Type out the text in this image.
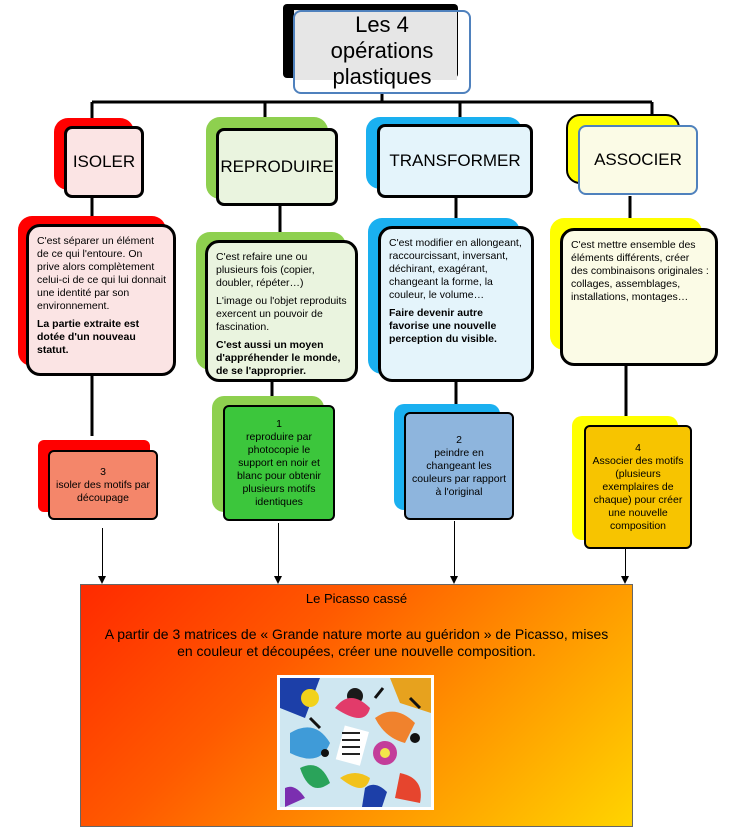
Les 4
opérations
plastiques
ISOLER

C'est séparer un élément de ce qui l'entoure. On prive alors complètement celui-ci de ce qui lui donnait une identité par son environnement.

La partie extraite est dotée d'un nouveau statut.

3
isoler des motifs par découpage
REPRODUIRE

C'est refaire une ou plusieurs fois (copier, doubler, répéter…)

L'image ou l'objet reproduits exercent un pouvoir de fascination.

C'est aussi un moyen d'appréhender le monde, de se l'approprier.

1
reproduire par photocopie le support en noir et blanc pour obtenir plusieurs motifs identiques
TRANSFORMER

C'est modifier en allongeant, raccourcissant, inversant, déchirant, exagérant, changeant la forme, la couleur, le volume…

Faire devenir autre favorise une nouvelle perception du visible.

2
peindre en changeant les couleurs par rapport à l'original
ASSOCIER

C'est mettre ensemble des éléments différents, créer des combinaisons originales : collages, assemblages, installations, montages…

4
Associer des motifs (plusieurs exemplaires de chaque) pour créer une nouvelle composition
Le Picasso cassé
A partir de 3 matrices de « Grande nature morte au guéridon » de Picasso, mises en couleur et découpées, créer une nouvelle composition.
